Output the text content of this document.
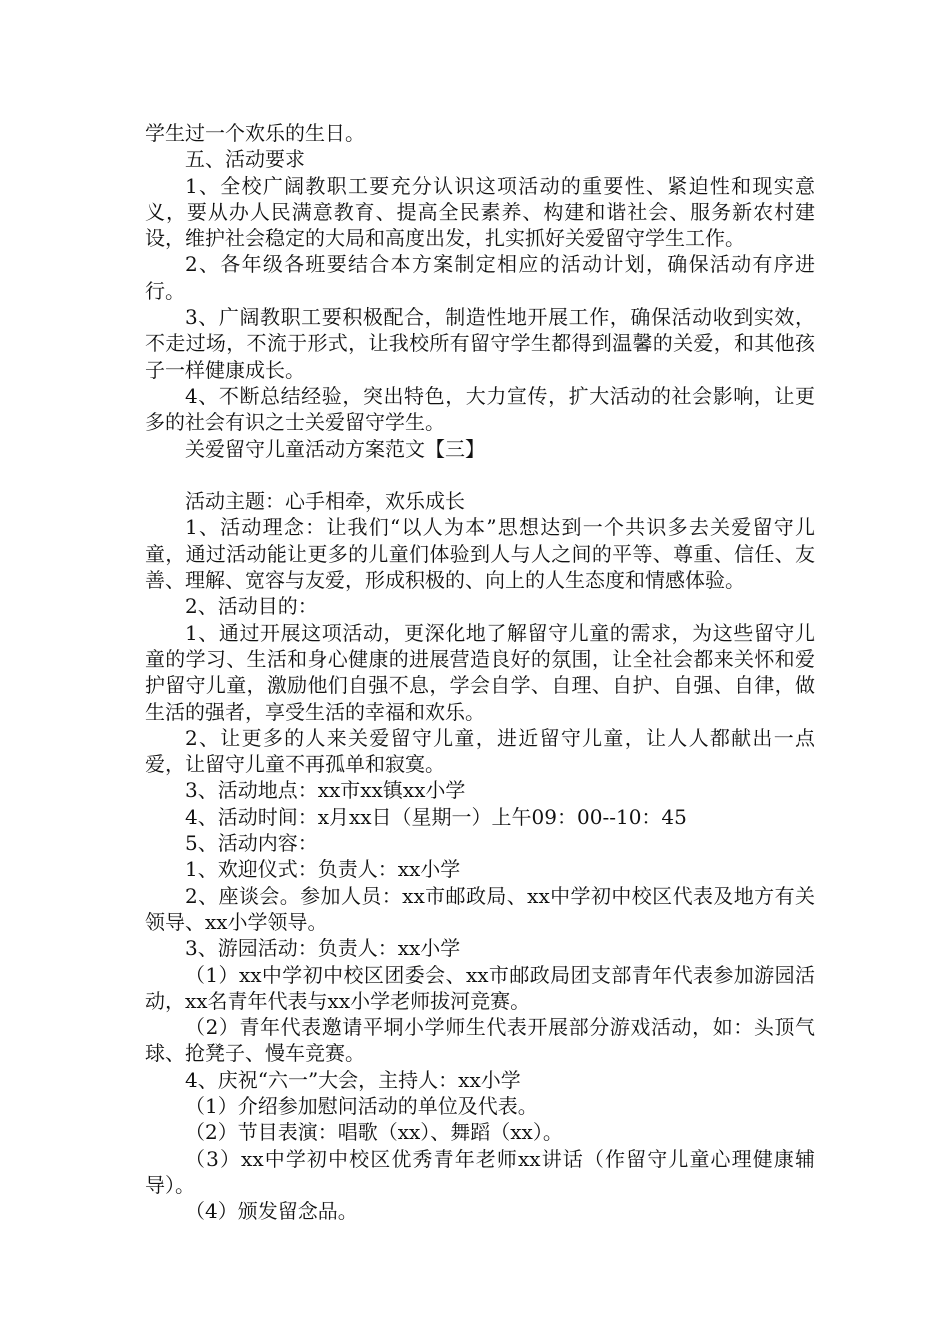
学生过一个欢乐的生日。

五、活动要求

1、全校广阔教职工要充分认识这项活动的重要性、紧迫性和现实意义，要从办人民满意教育、提高全民素养、构建和谐社会、服务新农村建设，维护社会稳定的大局和高度出发，扎实抓好关爱留守学生工作。

2、各年级各班要结合本方案制定相应的活动计划，确保活动有序进行。

3、广阔教职工要积极配合，制造性地开展工作，确保活动收到实效，不走过场，不流于形式，让我校所有留守学生都得到温馨的关爱，和其他孩子一样健康成长。

4、不断总结经验，突出特色，大力宣传，扩大活动的社会影响，让更多的社会有识之士关爱留守学生。

关爱留守儿童活动方案范文【三】

活动主题：心手相牵，欢乐成长

1、活动理念：让我们“以人为本”思想达到一个共识多去关爱留守儿童，通过活动能让更多的儿童们体验到人与人之间的平等、尊重、信任、友善、理解、宽容与友爱，形成积极的、向上的人生态度和情感体验。

2、活动目的：

1、通过开展这项活动，更深化地了解留守儿童的需求，为这些留守儿童的学习、生活和身心健康的进展营造良好的氛围，让全社会都来关怀和爱护留守儿童，激励他们自强不息，学会自学、自理、自护、自强、自律，做生活的强者，享受生活的幸福和欢乐。

2、让更多的人来关爱留守儿童，进近留守儿童，让人人都献出一点爱，让留守儿童不再孤单和寂寞。

3、活动地点：xx市xx镇xx小学

4、活动时间：x月xx日（星期一）上午09：00--10：45

5、活动内容：

1、欢迎仪式：负责人：xx小学

2、座谈会。参加人员：xx市邮政局、xx中学初中校区代表及地方有关领导、xx小学领导。

3、游园活动：负责人：xx小学

（1）xx中学初中校区团委会、xx市邮政局团支部青年代表参加游园活动，xx名青年代表与xx小学老师拔河竞赛。

（2）青年代表邀请平垌小学师生代表开展部分游戏活动，如：头顶气球、抢凳子、慢车竞赛。

4、庆祝“六一”大会，主持人：xx小学

（1）介绍参加慰问活动的单位及代表。

（2）节目表演：唱歌（xx）、舞蹈（xx）。

（3）xx中学初中校区优秀青年老师xx讲话（作留守儿童心理健康辅导）。

（4）颁发留念品。
